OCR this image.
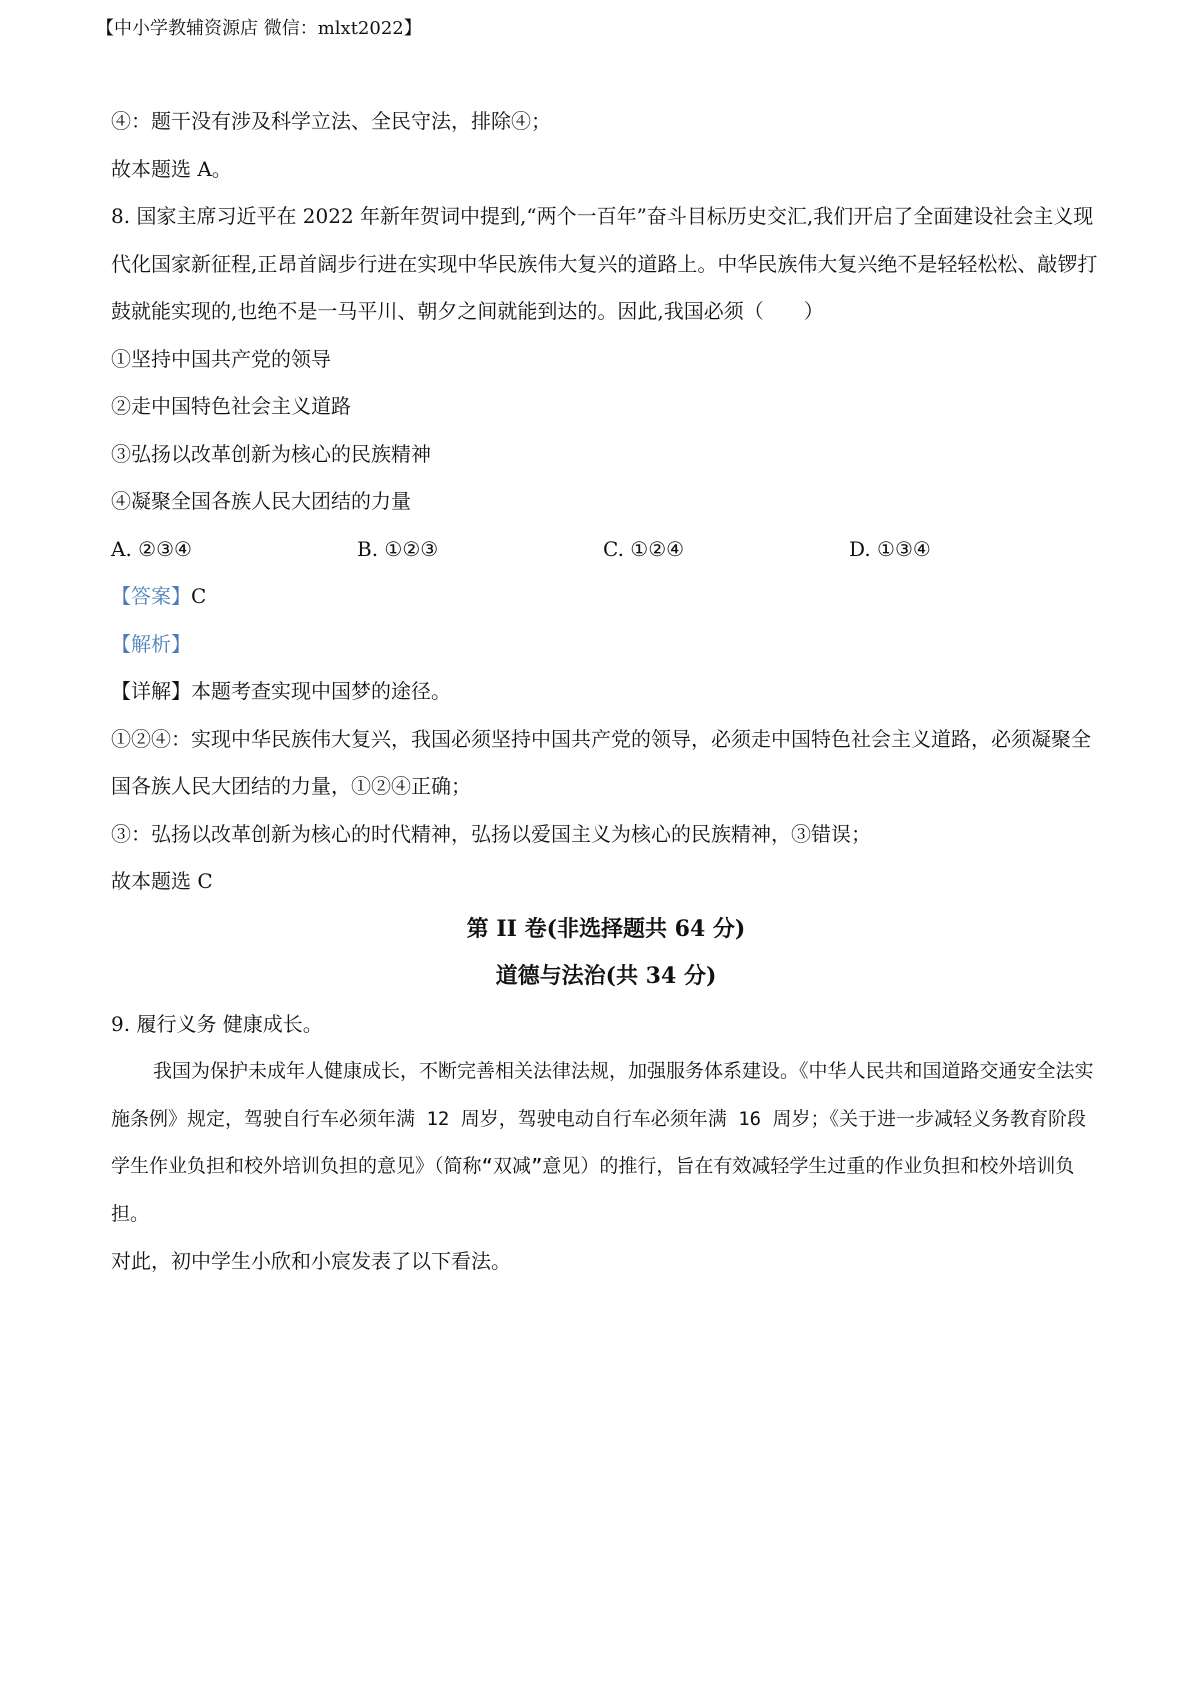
【中小学教辅资源店 微信：mlxt2022】
④：题干没有涉及科学立法、全民守法，排除④；
故本题选 A。

8. 国家主席习近平在 2022 年新年贺词中提到,“两个一百年”奋斗目标历史交汇,我们开启了全面建设社会主义现代化国家新征程,正昂首阔步行进在实现中华民族伟大复兴的道路上。中华民族伟大复兴绝不是轻轻松松、敲锣打鼓就能实现的,也绝不是一马平川、朝夕之间就能到达的。因此,我国必须（　　）

①坚持中国共产党的领导
②走中国特色社会主义道路
③弘扬以改革创新为核心的民族精神
④凝聚全国各族人民大团结的力量
A. ②③④	B. ①②③	C. ①②④	D. ①③④
【答案】C
【解析】
【详解】本题考查实现中国梦的途径。

①②④：实现中华民族伟大复兴，我国必须坚持中国共产党的领导，必须走中国特色社会主义道路，必须凝聚全国各族人民大团结的力量，①②④正确；

③：弘扬以改革创新为核心的时代精神，弘扬以爱国主义为核心的民族精神，③错误；
故本题选 C
第 II 卷(非选择题共 64 分)
道德与法治(共 34 分)
9. 履行义务 健康成长。

我国为保护未成年人健康成长，不断完善相关法律法规，加强服务体系建设。《中华人民共和国道路交通安全法实施条例》规定，驾驶自行车必须年满 12 周岁，驾驶电动自行车必须年满 16 周岁；《关于进一步减轻义务教育阶段学生作业负担和校外培训负担的意见》（简称“双减”意见）的推行，旨在有效减轻学生过重的作业负担和校外培训负担。

对此，初中学生小欣和小宸发表了以下看法。
